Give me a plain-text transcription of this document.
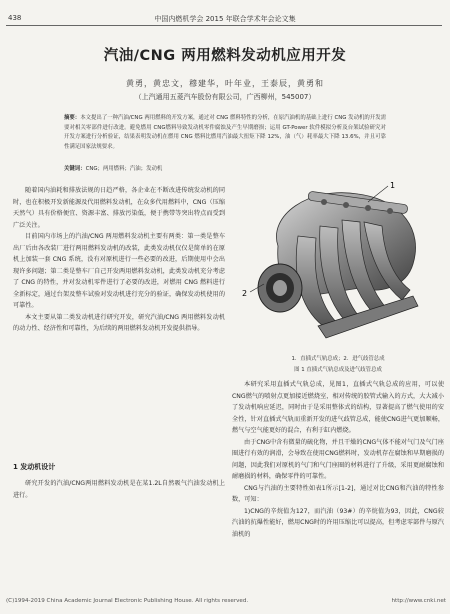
438	中国内燃机学会 2015 年联合学术年会论文集
汽油/CNG 两用燃料发动机应用开发
黄勇，黄忠文，穆建华，叶年业，王泰辰，黄勇和
（上汽通用五菱汽车股份有限公司，广西柳州，545007）
摘要：本文提出了一种汽油/CNG 两用燃料的开发方案，通过对 CNG 燃料特性的分析，在原汽油机的基础上进行 CNG 发动机的开发需要对相关零部件进行改进。避免燃用 CNG燃料导致发动机零件腐蚀及产生早期磨损；运用 GT-Power 软件模拟分析及台架试验研究对开发方案进行分析验证，结果表明发动机在燃用 CNG 燃料比燃用汽油最大扭矩下降 12%，油（气）耗率最大下降 13.6%，并且可靠性满足国家法规要求。
关键词：CNG；两用燃料；汽油；发动机

随着国内油耗和排放法规的日趋严格，各企业在不断改进传统发动机的同时，也在积极开发新能源及代用燃料发动机，在众多代用燃料中，CNG（压缩天然气）具有价格便宜、资源丰富、排放污染低，便于携带等突出特点而受到广泛关注。

目前国内市场上的汽油/CNG 两用燃料发动机主要有两类：第一类是整车出厂后由各改装厂进行两用燃料发动机的改装，此类发动机仅仅是简单的在原机上加装一套 CNG 系统，没有对原机进行一些必要的改进，后期使用中会出现许多问题；第二类是整车厂自己开发两用燃料发动机，此类发动机充分考虑了 CNG 的特性，并对发动机零件进行了必要的改进，对燃用 CNG 燃料进行全新标定，通过台架及整车试验对发动机进行充分的验证，确保发动机使用的可靠性。

本文主要从第二类发动机进行研究开发，研究汽油/CNG 两用燃料发动机的动力性、经济性和可靠性，为后续的两用燃料发动机开发提供指导。

1 发动机设计

研究开发的汽油/CNG两用燃料发动机是在某1.2L自然吸气汽油发动机上进行。

1
2
1．直插式气轨总成；2．进气歧管总成
图 1 直插式气轨总成及进气歧管总成

本研究采用直插式气轨总成，见图1，直插式气轨总成的应用，可以使CNG燃气的喷射点更加接近燃烧室，相对传统的胶管式输入的方式，大大减小了发动机响应延迟，同时由于是采用整体式的结构，显著提高了燃气使用的安全性，针对直插式气轨而重新开发的进气歧管总成，能使CNG进气更加顺畅，燃气与空气能更好的混合，有利于缸内燃烧。

由于CNG中含有微量的硫化物，并且干燥的CNG气体不能对气门及气门座圈进行有效的润滑，会导致在使用CNG燃料时，发动机存在腐蚀和早期磨损的问题，因此我们对原机的气门和气门座圈的材料进行了升级，采用更耐腐蚀和耐磨损的材料，确保零件的可靠性。

CNG与汽油的主要特性如表1所示[1-2]，通过对比CNG和汽油的特性参数，可知：

1)CNG的辛烷值为127，而汽油（93#）的辛烷值为93，因此，CNG较汽油的抗爆性能好，燃用CNG时的许用压缩比可以提高，但考虑零部件与原汽油机的

(C)1994-2019 China Academic Journal Electronic Publishing House. All rights reserved.	http://www.cnki.net
